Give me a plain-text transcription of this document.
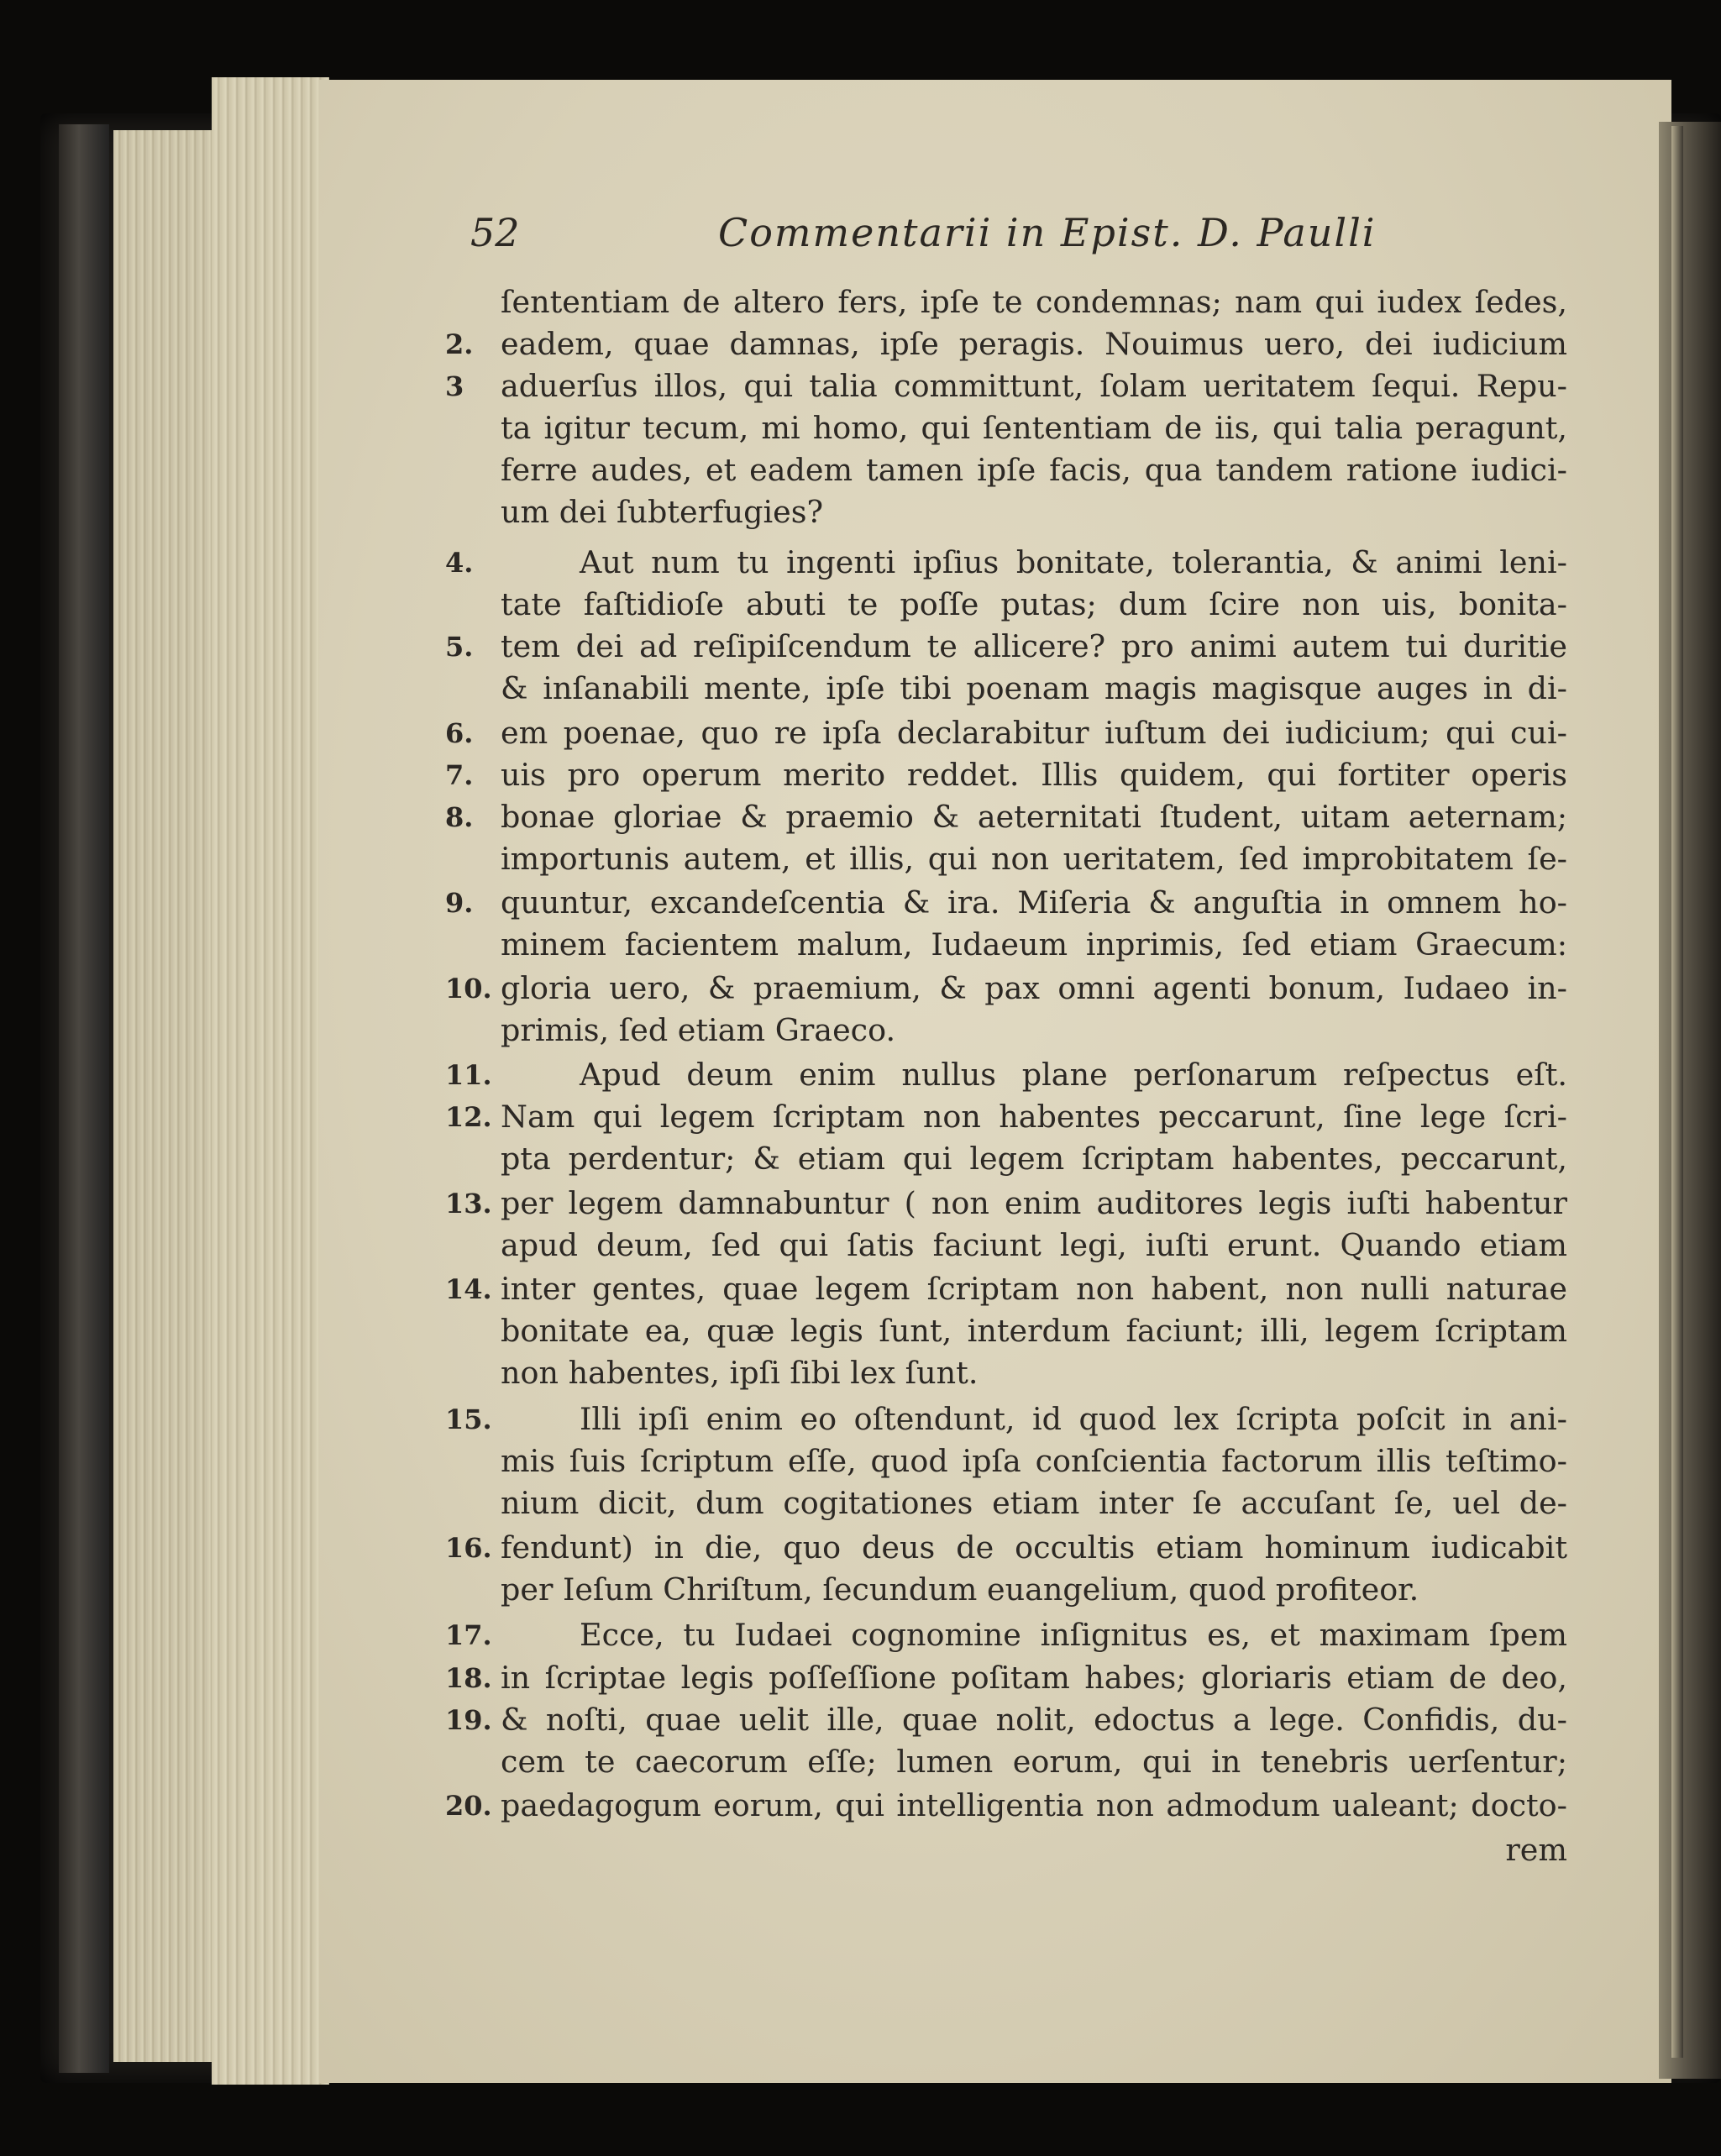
52	Commentarii in Epist. D. Paulli
ſententiam de altero fers, ipſe te condemnas; nam qui iudex ſedes,
2. eadem, quae damnas, ipſe peragis. Nouimus uero, dei iudicium
3	aduerſus illos, qui talia committunt, ſolam ueritatem ſequi. Repu-
ta igitur tecum, mi homo, qui ſententiam de iis, qui talia peragunt,
ferre audes, et eadem tamen ipſe facis, qua tandem ratione iudici-
um dei ſubterfugies?
4.	Aut num tu ingenti ipſius bonitate, tolerantia, & animi leni-
tate faſtidioſe abuti te poſſe putas; dum ſcire non uis, bonita-
5. tem dei ad reſipiſcendum te allicere? pro animi autem tui duritie
& inſanabili mente, ipſe tibi poenam magis magisque auges in di-
6. em poenae, quo re ipſa declarabitur iuſtum dei iudicium; qui cui-
7. uis pro operum merito reddet. Illis quidem, qui fortiter operis
8. bonae gloriae & praemio & aeternitati ſtudent, uitam aeternam;
importunis autem, et illis, qui non ueritatem, ſed improbitatem ſe-
9. quuntur, excandeſcentia & ira. Miſeria & anguſtia in omnem ho-
minem facientem malum, Iudaeum inprimis, ſed etiam Graecum:
10. gloria uero, & praemium, & pax omni agenti bonum, Iudaeo in-
primis, ſed etiam Graeco.
11.	Apud deum enim nullus plane perſonarum reſpectus eſt.
12. Nam qui legem ſcriptam non habentes peccarunt, ſine lege ſcri-
pta perdentur; & etiam qui legem ſcriptam habentes, peccarunt,
13. per legem damnabuntur ( non enim auditores legis iuſti habentur
apud deum, ſed qui ſatis faciunt legi, iuſti erunt. Quando etiam
14. inter gentes, quae legem ſcriptam non habent, non nulli naturae
bonitate ea, quæ legis ſunt, interdum faciunt; illi, legem ſcriptam
non habentes, ipſi ſibi lex ſunt.
15.	Illi ipſi enim eo oſtendunt, id quod lex ſcripta poſcit in ani-
mis ſuis ſcriptum eſſe, quod ipſa conſcientia factorum illis teſtimo-
nium dicit, dum cogitationes etiam inter ſe accuſant ſe, uel de-
16. fendunt) in die, quo deus de occultis etiam hominum iudicabit
per Ieſum Chriſtum, ſecundum euangelium, quod profiteor.
17.	Ecce, tu Iudaei cognomine inſignitus es, et maximam ſpem
18. in ſcriptae legis poſſeſſione poſitam habes; gloriaris etiam de deo,
19. & noſti, quae uelit ille, quae nolit, edoctus a lege. Confidis, du-
cem te caecorum eſſe; lumen eorum, qui in tenebris uerſentur;
20. paedagogum eorum, qui intelligentia non admodum ualeant; docto-
rem
